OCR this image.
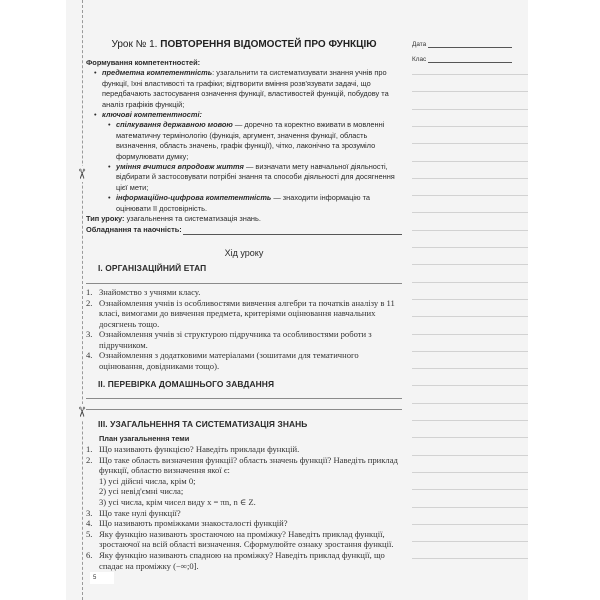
✂
✂
Урок № 1. ПОВТОРЕННЯ ВІДОМОСТЕЙ ПРО ФУНКЦІЮ
Формування компетентностей:
• предметна компетентність: узагальнити та систематизувати знання учнів про функції, їхні властивості та графіки; відтворити вміння розв'язувати задачі, що передбачають застосування означення функції, властивостей функцій, побудову та аналіз графіків функцій;
• ключові компетентності:
• спілкування державною мовою — доречно та коректно вживати в мовленні математичну термінологію (функція, аргумент, значення функції, область визначення, область значень, графік функції), чітко, лаконічно та зрозуміло формулювати думку;
• уміння вчитися впродовж життя — визначати мету навчальної діяльності, відбирати й застосовувати потрібні знання та способи діяльності для досягнення цієї мети;
• інформаційно-цифрова компетентність — знаходити інформацію та оцінювати її достовірність.
Тип уроку: узагальнення та систематизація знань.
Обладнання та наочність:
Хід уроку
I. ОРГАНІЗАЦІЙНИЙ ЕТАП
1. Знайомство з учнями класу.
2. Ознайомлення учнів із особливостями вивчення алгебри та початків аналізу в 11 класі, вимогами до вивчення предмета, критеріями оцінювання навчальних досягнень тощо.
3. Ознайомлення учнів зі структурою підручника та особливостями роботи з підручником.
4. Ознайомлення з додатковими матеріалами (зошитами для тематичного оцінювання, довідниками тощо).
II. ПЕРЕВІРКА ДОМАШНЬОГО ЗАВДАННЯ
III. УЗАГАЛЬНЕННЯ ТА СИСТЕМАТИЗАЦІЯ ЗНАНЬ
План узагальнення теми
1. Що називають функцією? Наведіть приклади функцій.
2. Що таке область визначення функції? область значень функції? Наведіть приклад функції, областю визначення якої є:
1) усі дійсні числа, крім 0;
2) усі невід'ємні числа;
3) усі числа, крім чисел виду x = πn, n ∈ Z.
3. Що таке нулі функції?
4. Що називають проміжками знакосталості функцій?
5. Яку функцію називають зростаючою на проміжку? Наведіть приклад функції, зростаючої на всій області визначення. Сформулюйте ознаку зростання функції.
6. Яку функцію називають спадною на проміжку? Наведіть приклад функції, що спадає на проміжку (−∞;0].
Дата
Клас
5
